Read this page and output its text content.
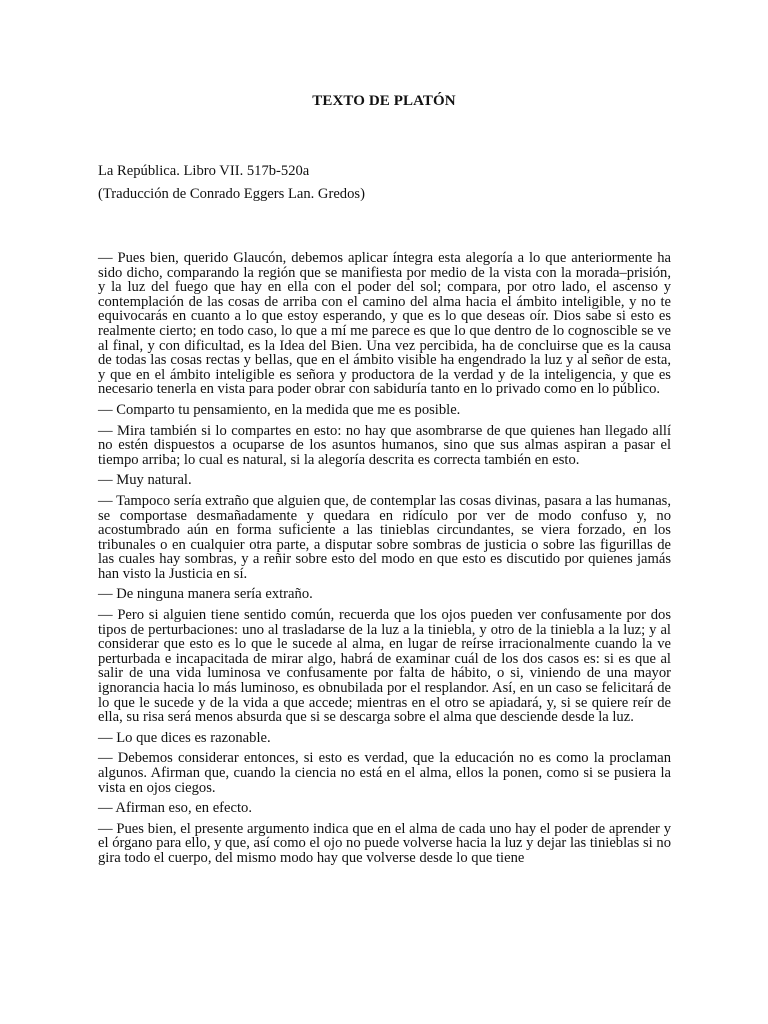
TEXTO DE PLATÓN
La República. Libro VII. 517b-520a
(Traducción de Conrado Eggers Lan. Gredos)

— Pues bien, querido Glaucón, debemos aplicar íntegra esta alegoría a lo que anteriormente ha sido dicho, comparando la región que se manifiesta por medio de la vista con la morada–prisión, y la luz del fuego que hay en ella con el poder del sol; compara, por otro lado, el ascenso y contemplación de las cosas de arriba con el camino del alma hacia el ámbito inteligible, y no te equivocarás en cuanto a lo que estoy esperando, y que es lo que deseas oír. Dios sabe si esto es realmente cierto; en todo caso, lo que a mí me parece es que lo que dentro de lo cognoscible se ve al final, y con dificultad, es la Idea del Bien. Una vez percibida, ha de concluirse que es la causa de todas las cosas rectas y bellas, que en el ámbito visible ha engendrado la luz y al señor de esta, y que en el ámbito inteligible es señora y productora de la verdad y de la inteligencia, y que es necesario tenerla en vista para poder obrar con sabiduría tanto en lo privado como en lo público.

— Comparto tu pensamiento, en la medida que me es posible.

— Mira también si lo compartes en esto: no hay que asombrarse de que quienes han llegado allí no estén dispuestos a ocuparse de los asuntos humanos, sino que sus almas aspiran a pasar el tiempo arriba; lo cual es natural, si la alegoría descrita es correcta también en esto.

— Muy natural.

— Tampoco sería extraño que alguien que, de contemplar las cosas divinas, pasara a las humanas, se comportase desmañadamente y quedara en ridículo por ver de modo confuso y, no acostumbrado aún en forma suficiente a las tinieblas circundantes, se viera forzado, en los tribunales o en cualquier otra parte, a disputar sobre sombras de justicia o sobre las figurillas de las cuales hay sombras, y a reñir sobre esto del modo en que esto es discutido por quienes jamás han visto la Justicia en sí.

— De ninguna manera sería extraño.

— Pero si alguien tiene sentido común, recuerda que los ojos pueden ver confusamente por dos tipos de perturbaciones: uno al trasladarse de la luz a la tiniebla, y otro de la tiniebla a la luz; y al considerar que esto es lo que le sucede al alma, en lugar de reírse irracionalmente cuando la ve perturbada e incapacitada de mirar algo, habrá de examinar cuál de los dos casos es: si es que al salir de una vida luminosa ve confusamente por falta de hábito, o si, viniendo de una mayor ignorancia hacia lo más luminoso, es obnubilada por el resplandor. Así, en un caso se felicitará de lo que le sucede y de la vida a que accede; mientras en el otro se apiadará, y, si se quiere reír de ella, su risa será menos absurda que si se descarga sobre el alma que desciende desde la luz.

— Lo que dices es razonable.

— Debemos considerar entonces, si esto es verdad, que la educación no es como la proclaman algunos. Afirman que, cuando la ciencia no está en el alma, ellos la ponen, como si se pusiera la vista en ojos ciegos.

— Afirman eso, en efecto.

— Pues bien, el presente argumento indica que en el alma de cada uno hay el poder de aprender y el órgano para ello, y que, así como el ojo no puede volverse hacia la luz y dejar las tinieblas si no gira todo el cuerpo, del mismo modo hay que volverse desde lo que tiene
